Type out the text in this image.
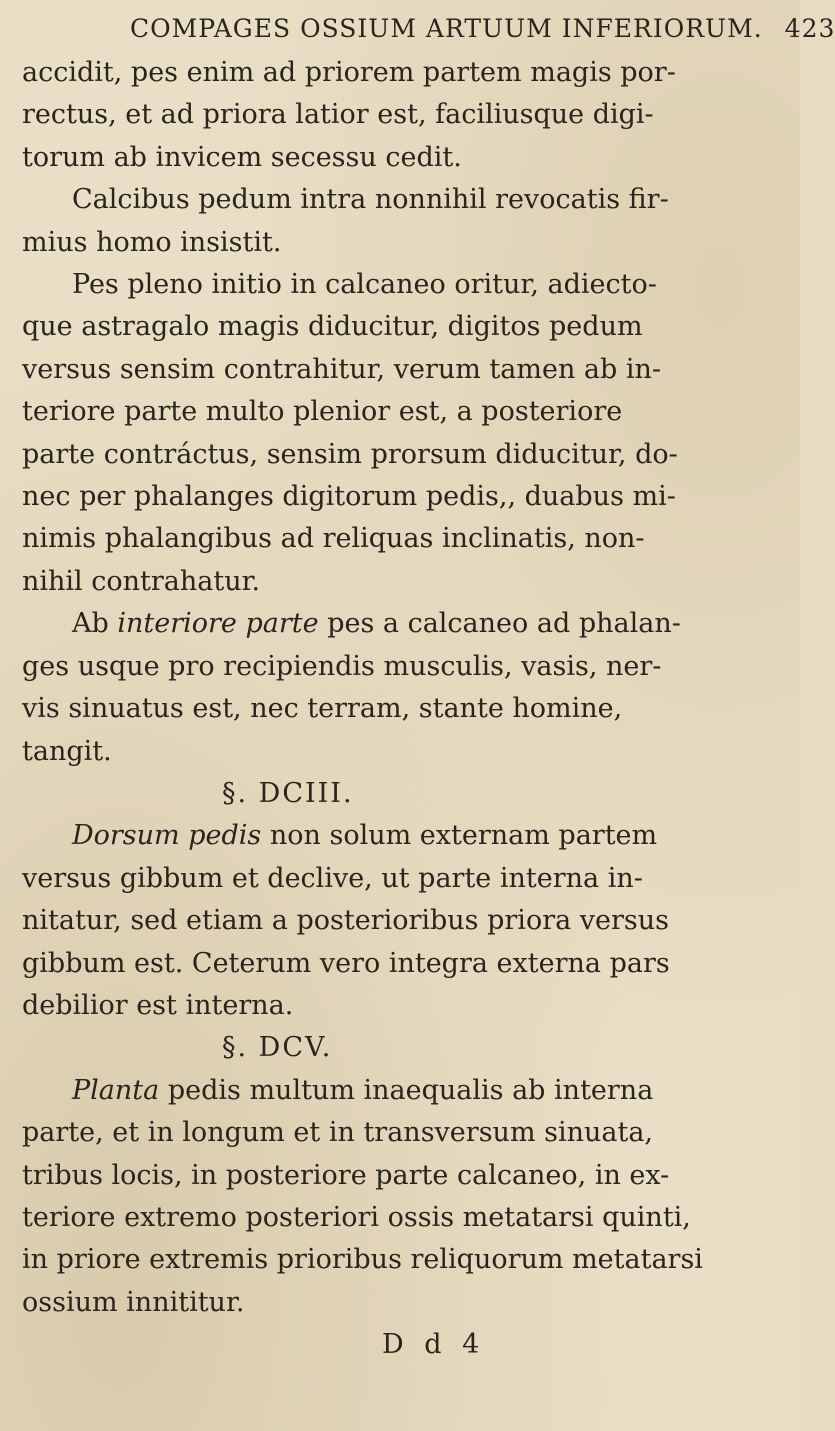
COMPAGES OSSIUM ARTUUM INFERIORUM. 423
accidit, pes enim ad priorem partem magis por-
rectus, et ad priora latior est, faciliusque digi-
torum ab invicem secessu cedit.
Calcibus pedum intra nonnihil revocatis fir-
mius homo insistit.
Pes pleno initio in calcaneo oritur, adiecto-
que astragalo magis diducitur, digitos pedum
versus sensim contrahitur, verum tamen ab in-
teriore parte multo plenior est, a posteriore
parte contráctus, sensim prorsum diducitur, do-
nec per phalanges digitorum pedis,, duabus mi-
nimis phalangibus ad reliquas inclinatis, non-
nihil contrahatur.
Ab interiore parte pes a calcaneo ad phalan-
ges usque pro recipiendis musculis, vasis, ner-
vis sinuatus est, nec terram, stante homine,
tangit.
§. DCIII.
Dorsum pedis non solum externam partem
versus gibbum et declive, ut parte interna in-
nitatur, sed etiam a posterioribus priora versus
gibbum est. Ceterum vero integra externa pars
debilior est interna.
§. DCV.
Planta pedis multum inaequalis ab interna
parte, et in longum et in transversum sinuata,
tribus locis, in posteriore parte calcaneo, in ex-
teriore extremo posteriori ossis metatarsi quinti,
in priore extremis prioribus reliquorum metatarsi
ossium innititur.
D d 4
